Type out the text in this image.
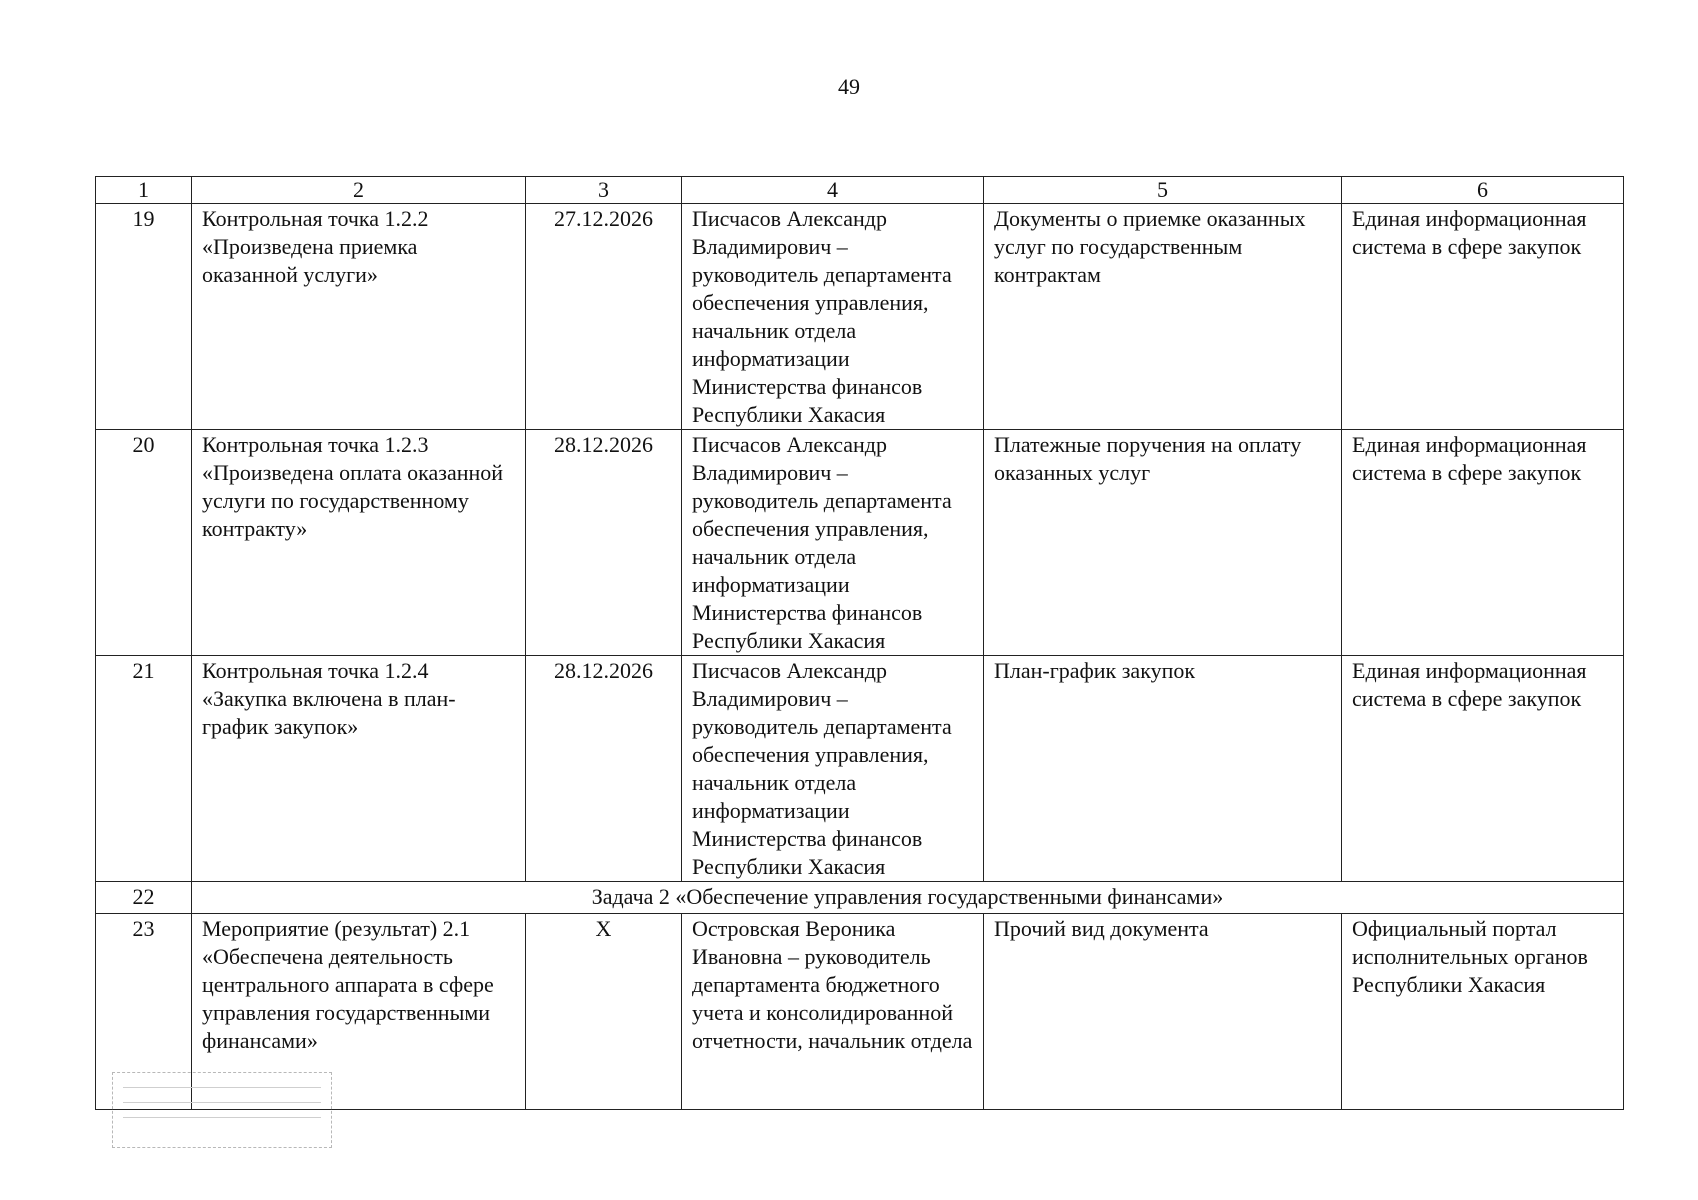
49
1	2	3	4	5	6
19	Контрольная точка 1.2.2 «Произведена приемка оказанной услуги»	27.12.2026	Писчасов Александр Владимирович – руководитель департамента обеспечения управления, начальник отдела информатизации Министерства финансов Республики Хакасия	Документы о приемке оказанных услуг по государственным контрактам	Единая информационная система в сфере закупок
20	Контрольная точка 1.2.3 «Произведена оплата оказанной услуги по государственному контракту»	28.12.2026	Писчасов Александр Владимирович – руководитель департамента обеспечения управления, начальник отдела информатизации Министерства финансов Республики Хакасия	Платежные поручения на оплату оказанных услуг	Единая информационная система в сфере закупок
21	Контрольная точка 1.2.4 «Закупка включена в план-график закупок»	28.12.2026	Писчасов Александр Владимирович – руководитель департамента обеспечения управления, начальник отдела информатизации Министерства финансов Республики Хакасия	План-график закупок	Единая информационная система в сфере закупок
22	Задача 2 «Обеспечение управления государственными финансами»				
23	Мероприятие (результат) 2.1 «Обеспечена деятельность центрального аппарата в сфере управления государственными финансами»	X	Островская Вероника Ивановна – руководитель департамента бюджетного учета и консолидированной отчетности, начальник отдела	Прочий вид документа	Официальный портал исполнительных органов Республики Хакасия
